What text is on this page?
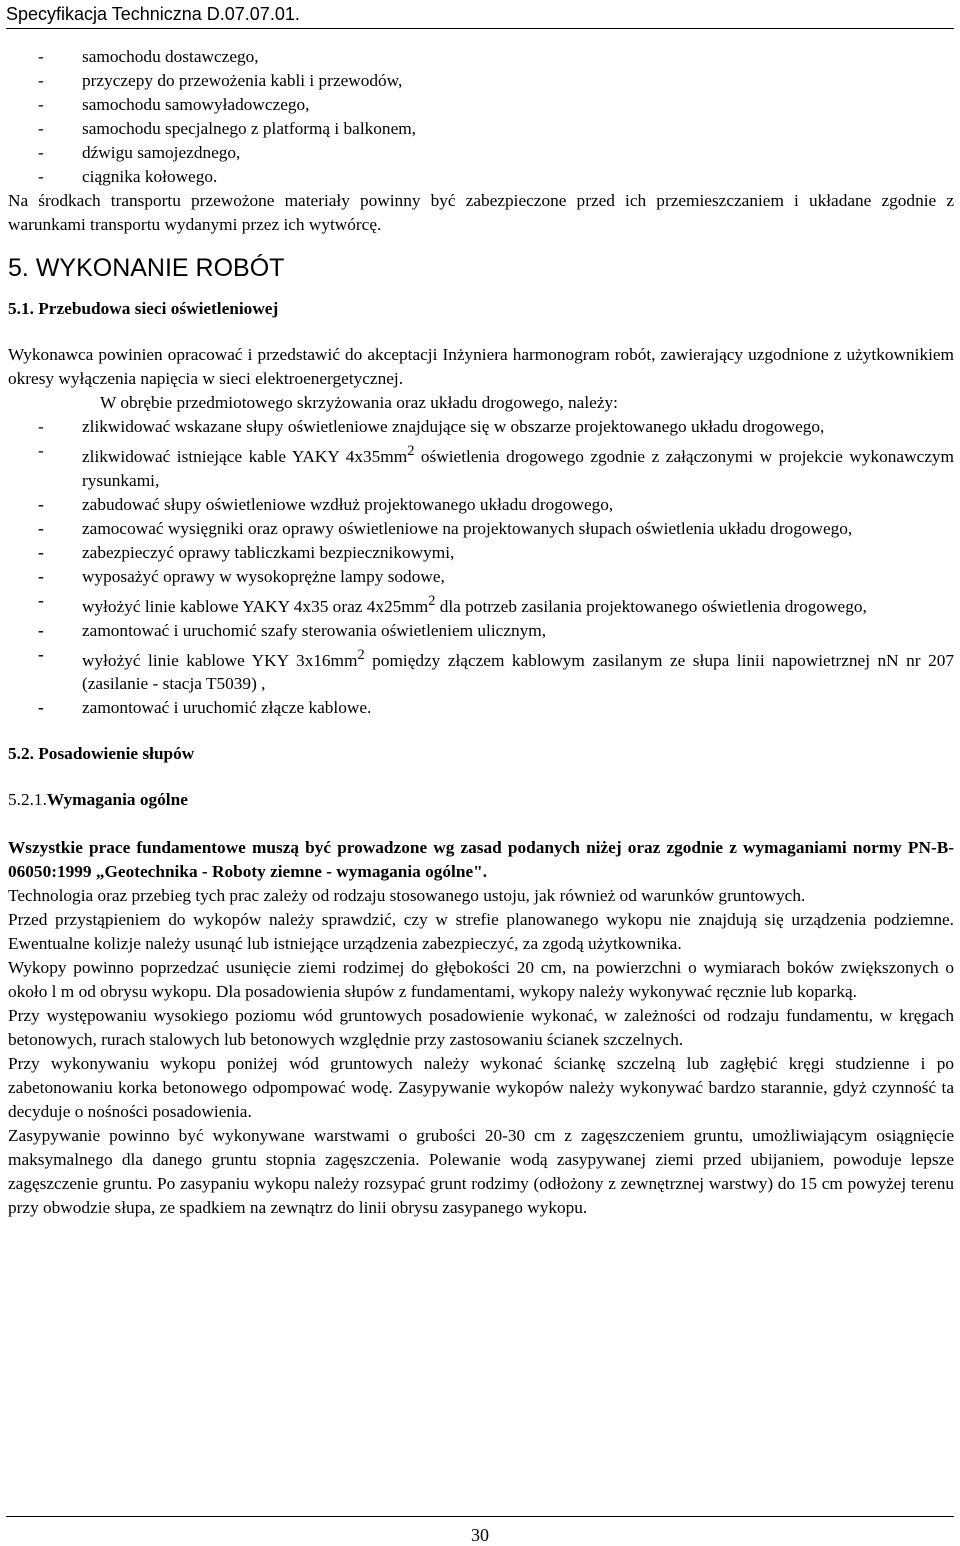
Specyfikacja Techniczna D.07.07.01.
- samochodu dostawczego,
- przyczepy do przewożenia kabli i przewodów,
- samochodu samowyładowczego,
- samochodu specjalnego z platformą i balkonem,
- dźwigu samojezdnego,
- ciągnika kołowego.

Na środkach transportu przewożone materiały powinny być zabezpieczone przed ich przemieszczaniem i układane zgodnie z warunkami transportu wydanymi przez ich wytwórcę.

5. WYKONANIE ROBÓT
5.1. Przebudowa sieci oświetleniowej

Wykonawca powinien opracować i przedstawić do akceptacji Inżyniera harmonogram robót, zawierający uzgodnione z użytkownikiem okresy wyłączenia napięcia w sieci elektroenergetycznej.

W obrębie przedmiotowego skrzyżowania oraz układu drogowego, należy:

- zlikwidować wskazane słupy oświetleniowe znajdujące się w obszarze projektowanego układu drogowego,
- zlikwidować istniejące kable YAKY $4x35mm^2$ oświetlenia drogowego zgodnie z załączonymi w projekcie wykonawczym rysunkami,
- zabudować słupy oświetleniowe wzdłuż projektowanego układu drogowego,
- zamocować wysięgniki oraz oprawy oświetleniowe na projektowanych słupach oświetlenia układu drogowego,
- zabezpieczyć oprawy tabliczkami bezpiecznikowymi,
- wyposażyć oprawy w wysokoprężne lampy sodowe,
- wyłożyć linie kablowe YAKY 4x35 oraz $4x25mm^2$ dla potrzeb zasilania projektowanego oświetlenia drogowego,
- zamontować i uruchomić szafy sterowania oświetleniem ulicznym,
- wyłożyć linie kablowe YKY $3x16mm^2$ pomiędzy złączem kablowym zasilanym ze słupa linii napowietrznej nN nr 207 (zasilanie - stacja T5039) ,
- zamontować i uruchomić złącze kablowe.
5.2. Posadowienie słupów
5.2.1.Wymagania ogólne

Wszystkie prace fundamentowe muszą być prowadzone wg zasad podanych niżej oraz zgodnie z wymaganiami normy PN-B-06050:1999 „Geotechnika - Roboty ziemne - wymagania ogólne".

Technologia oraz przebieg tych prac zależy od rodzaju stosowanego ustoju, jak również od warunków gruntowych.

Przed przystąpieniem do wykopów należy sprawdzić, czy w strefie planowanego wykopu nie znajdują się urządzenia podziemne. Ewentualne kolizje należy usunąć lub istniejące urządzenia zabezpieczyć, za zgodą użytkownika.

Wykopy powinno poprzedzać usunięcie ziemi rodzimej do głębokości 20 cm, na powierzchni o wymiarach boków zwiększonych o około l m od obrysu wykopu. Dla posadowienia słupów z fundamentami, wykopy należy wykonywać ręcznie lub koparką.

Przy występowaniu wysokiego poziomu wód gruntowych posadowienie wykonać, w zależności od rodzaju fundamentu, w kręgach betonowych, rurach stalowych lub betonowych względnie przy zastosowaniu ścianek szczelnych.

Przy wykonywaniu wykopu poniżej wód gruntowych należy wykonać ściankę szczelną lub zagłębić kręgi studzienne i po zabetonowaniu korka betonowego odpompować wodę. Zasypywanie wykopów należy wykonywać bardzo starannie, gdyż czynność ta decyduje o nośności posadowienia.

Zasypywanie powinno być wykonywane warstwami o grubości 20-30 cm z zagęszczeniem gruntu, umożliwiającym osiągnięcie maksymalnego dla danego gruntu stopnia zagęszczenia. Polewanie wodą zasypywanej ziemi przed ubijaniem, powoduje lepsze zagęszczenie gruntu. Po zasypaniu wykopu należy rozsypać grunt rodzimy (odłożony z zewnętrznej warstwy) do 15 cm powyżej terenu przy obwodzie słupa, ze spadkiem na zewnątrz do linii obrysu zasypanego wykopu.

30
